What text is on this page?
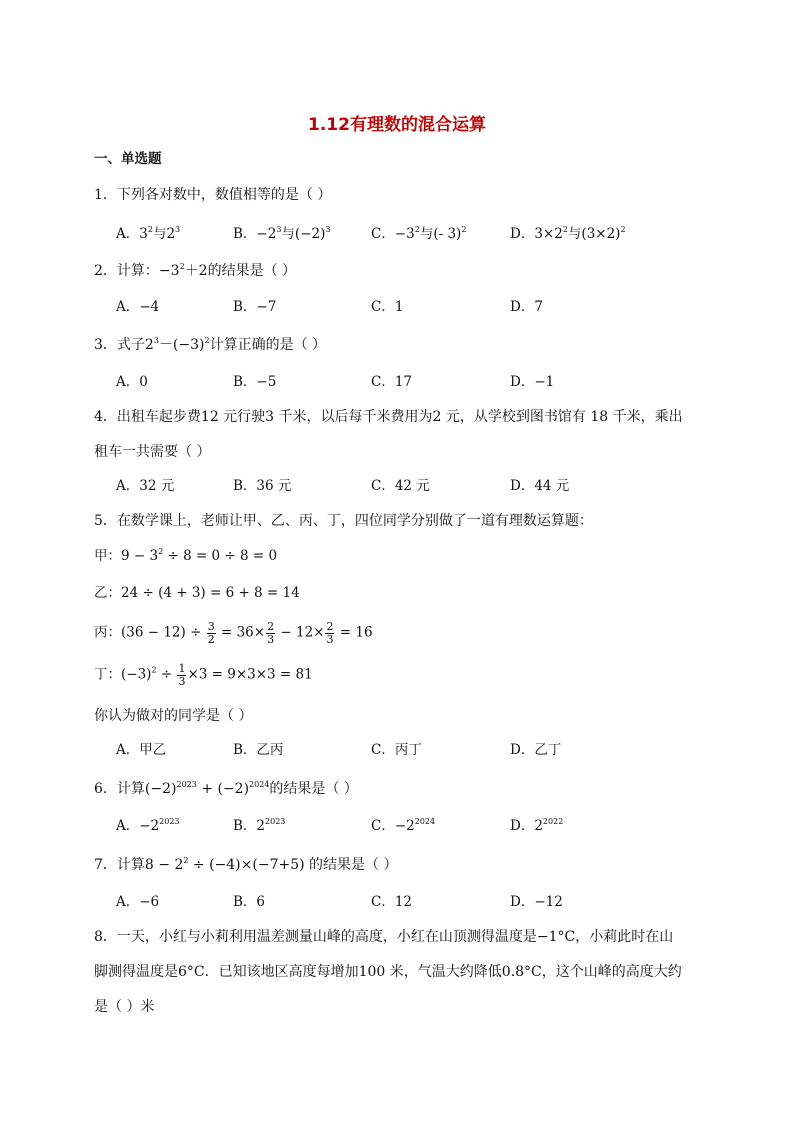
1.12有理数的混合运算
一、单选题
1．下列各对数中，数值相等的是（ ）
A．$3^2$与$2^3$	B．$-2^3$与$(-2)^3$	C．$-3^2$与(- 3)$^2$	D．$3\times 2^2$与$(3\times 2)^2$
2．计算：$-3^2+2$的结果是（ ）
A．−4	B．−7	C．1	D．7
3．式子$2^3-(-3)^2$计算正确的是（ ）
A．0	B．−5	C．17	D．−1
4．出租车起步费12 元行驶3 千米，以后每千米费用为2 元，从学校到图书馆有 18 千米，乘出
租车一共需要（ ）
A．32 元	B．36 元	C．42 元	D．44 元
5．在数学课上，老师让甲、乙、丙、丁，四位同学分别做了一道有理数运算题：
甲：$9 - 3^2 \div 8 = 0 \div 8 = 0$
乙：24 ÷ (4 + 3) = 6 + 8 = 14
丙：$(36 - 12) \div \frac{3}{2} = 36\times \frac{2}{3} - 12\times \frac{2}{3} = 16$
丁：$(-3)^2 \div \frac{1}{3} \times 3 = 9\times 3\times 3 = 81$
你认为做对的同学是（ ）
A．甲乙	B．乙丙	C．丙丁	D．乙丁
6．计算$(-2)^{2023} + (-2)^{2024}$的结果是（ ）
A．$-2^{2023}$	B．$2^{2023}$	C．$-2^{2024}$	D．$2^{2022}$
7．计算$8 - 2^2 \div (-4)\times(-7+5)$ 的结果是（ ）
A．−6	B．6	C．12	D．−12
8．一天，小红与小莉利用温差测量山峰的高度，小红在山顶测得温度是−1°C，小莉此时在山
脚测得温度是6°C．已知该地区高度每增加100 米，气温大约降低0.8°C，这个山峰的高度大约
是（ ）米
